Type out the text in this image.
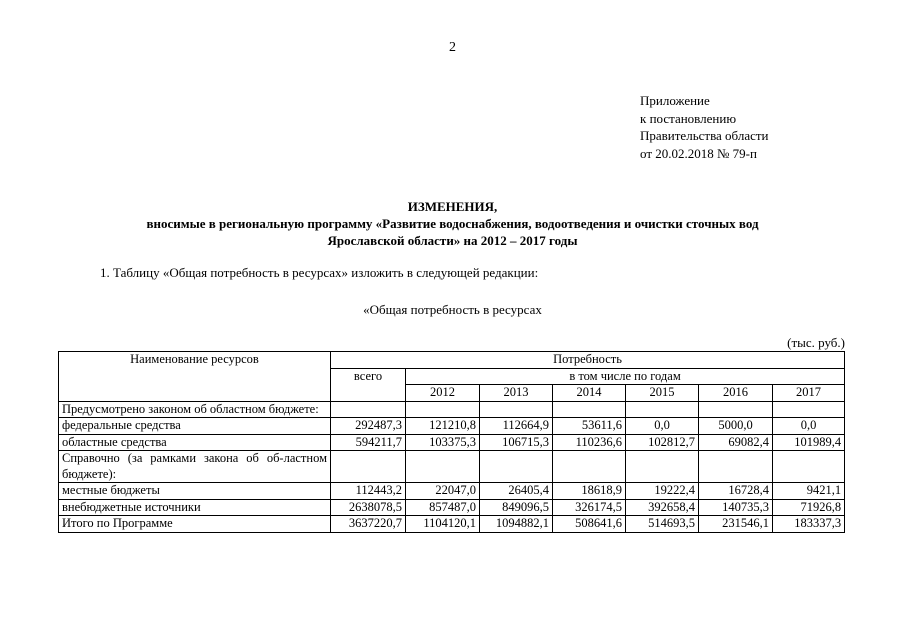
2
Приложение
к постановлению
Правительства области
от 20.02.2018 № 79-п
ИЗМЕНЕНИЯ,
вносимые в региональную программу «Развитие водоснабжения, водоотведения и очистки сточных вод
Ярославской области» на 2012 – 2017 годы
1. Таблицу «Общая потребность в ресурсах» изложить в следующей редакции:
«Общая потребность в ресурсах
(тыс. руб.)
Наименование ресурсов	Потребность						
	всего	в том числе по годам					
		2012	2013	2014	2015	2016	2017
Предусмотрено законом об областном бюджете:							
федеральные средства	292487,3	121210,8	112664,9	53611,6	0,0	5000,0	0,0
областные средства	594211,7	103375,3	106715,3	110236,6	102812,7	69082,4	101989,4
Справочно (за рамками закона об об-ластном бюджете):							
местные бюджеты	112443,2	22047,0	26405,4	18618,9	19222,4	16728,4	9421,1
внебюджетные источники	2638078,5	857487,0	849096,5	326174,5	392658,4	140735,3	71926,8
Итого по Программе	3637220,7	1104120,1	1094882,1	508641,6	514693,5	231546,1	183337,3
